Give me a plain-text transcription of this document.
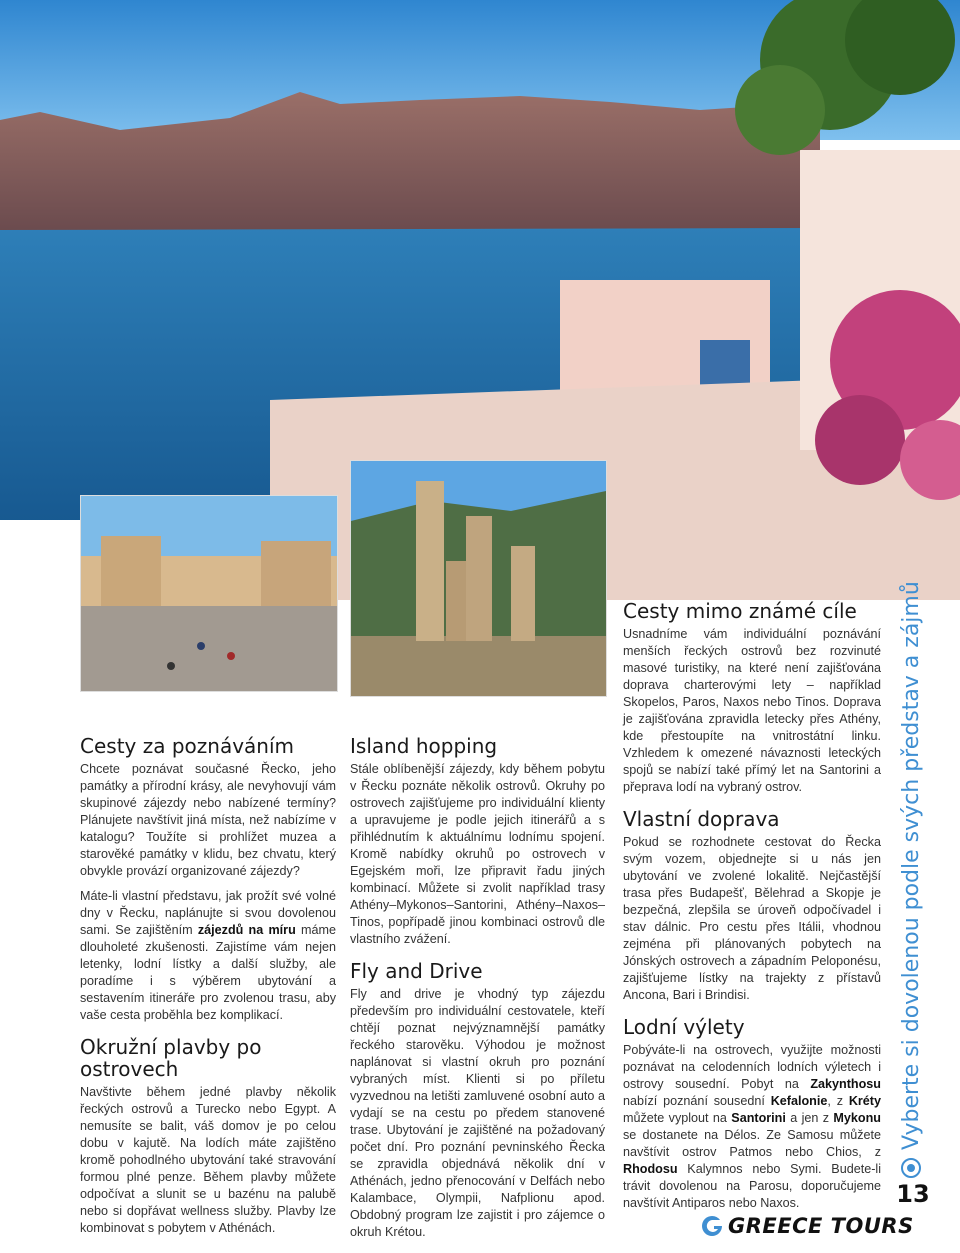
Cesty za poznáváním

Chcete poznávat současné Řecko, jeho památky a přírodní krásy, ale nevyhovují vám skupinové zájezdy nebo nabízené termíny? Plánujete navštívit jiná místa, než nabízíme v katalogu? Toužíte si prohlížet muzea a starověké památky v klidu, bez chvatu, který obvykle provází organizované zájezdy?

Máte-li vlastní představu, jak prožít své volné dny v Řecku, naplánujte si svou dovolenou sami. Se zajištěním zájezdů na míru máme dlouholeté zkušenosti. Zajistíme vám nejen letenky, lodní lístky a další služby, ale poradíme i s výběrem ubytování a sestavením itineráře pro zvolenou trasu, aby vaše cesta proběhla bez komplikací.

Okružní plavby po ostrovech

Navštivte během jedné plavby několik řeckých ostrovů a Turecko nebo Egypt. A nemusíte se balit, váš domov je po celou dobu v kajutě. Na lodích máte zajištěno kromě pohodlného ubytování také stravování formou plné penze. Během plavby můžete odpočívat a slunit se u bazénu na palubě nebo si dopřávat wellness služby. Plavby lze kombinovat s pobytem v Athénách.

Island hopping

Stále oblíbenější zájezdy, kdy během pobytu v Řecku poznáte několik ostrovů. Okruhy po ostrovech zajišťujeme pro individuální klienty a upravujeme je podle jejich itinerářů a s přihlédnutím k aktuálnímu lodnímu spojení. Kromě nabídky okruhů po ostrovech v Egejském moři, lze připravit řadu jiných kombinací. Můžete si zvolit například trasy Athény–Mykonos–Santorini, Athény–Naxos–Tinos, popřípadě jinou kombinaci ostrovů dle vlastního zvážení.

Fly and Drive

Fly and drive je vhodný typ zájezdu především pro individuální cestovatele, kteří chtějí poznat nejvýznamnější památky řeckého starověku. Výhodou je možnost naplánovat si vlastní okruh pro poznání vybraných míst. Klienti si po příletu vyzvednou na letišti zamluvené osobní auto a vydají se na cestu po předem stanovené trase. Ubytování je zajištěné na požadovaný počet dní. Pro poznání pevninského Řecka se zpravidla objednává několik dní v Athénách, jedno přenocování v Delfách nebo Kalambace, Olympii, Nafplionu apod. Obdobný program lze zajistit i pro zájemce o okruh Krétou.

Cesty mimo známé cíle

Usnadníme vám individuální poznávání menších řeckých ostrovů bez rozvinuté masové turistiky, na které není zajišťována doprava charterovými lety – například Skopelos, Paros, Naxos nebo Tinos. Doprava je zajišťována zpravidla letecky přes Athény, kde přestoupíte na vnitrostátní linku. Vzhledem k omezené návaznosti leteckých spojů se nabízí také přímý let na Santorini a přeprava lodí na vybraný ostrov.

Vlastní doprava

Pokud se rozhodnete cestovat do Řecka svým vozem, objednejte si u nás jen ubytování ve zvolené lokalitě. Nejčastější trasa přes Budapešť, Bělehrad a Skopje je bezpečná, zlepšila se úroveň odpočívadel i stav dálnic. Pro cestu přes Itálii, vhodnou zejména při plánovaných pobytech na Jónských ostrovech a západním Peloponésu, zajišťujeme lístky na trajekty z přístavů Ancona, Bari i Brindisi.

Lodní výlety

Pobýváte-li na ostrovech, využijte možnosti poznávat na celodenních lodních výletech i ostrovy sousední. Pobyt na Zakynthosu nabízí poznání sousední Kefalonie, z Kréty můžete vyplout na Santorini a jen z Mykonu se dostanete na Délos. Ze Samosu můžete navštívit ostrov Patmos nebo Chios, z Rhodosu Kalymnos nebo Symi. Budete-li trávit dovolenou na Parosu, doporučujeme navštívit Antiparos nebo Naxos.

Vyberte si dovolenou podle svých představ a zájmů
13
GREECE TOURS
